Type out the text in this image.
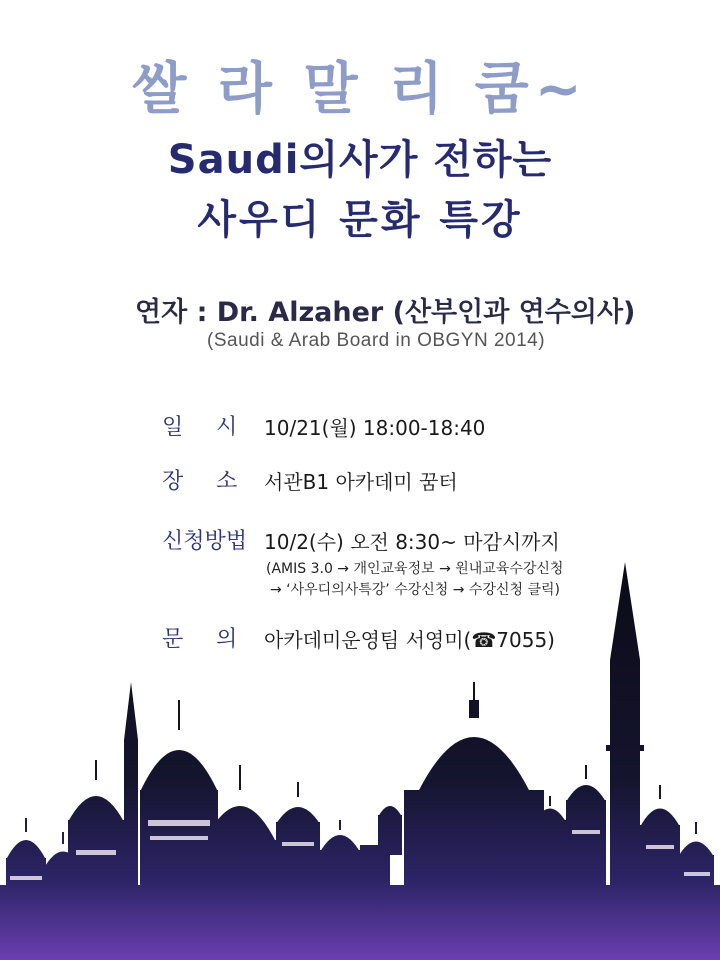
쌀 라 말 리 쿰~
Saudi의사가 전하는
사우디 문화 특강
연자 : Dr. Alzaher (산부인과 연수의사)
(Saudi & Arab Board in OBGYN 2014)
일 시 10/21(월) 18:00-18:40
장 소 서관B1 아카데미 꿈터
신청방법 10/2(수) 오전 8:30~ 마감시까지
(AMIS 3.0 → 개인교육정보 → 원내교육수강신청
→ ‘사우디의사특강’ 수강신청 → 수강신청 클릭)
문 의 아카데미운영팀 서영미(☎7055)
